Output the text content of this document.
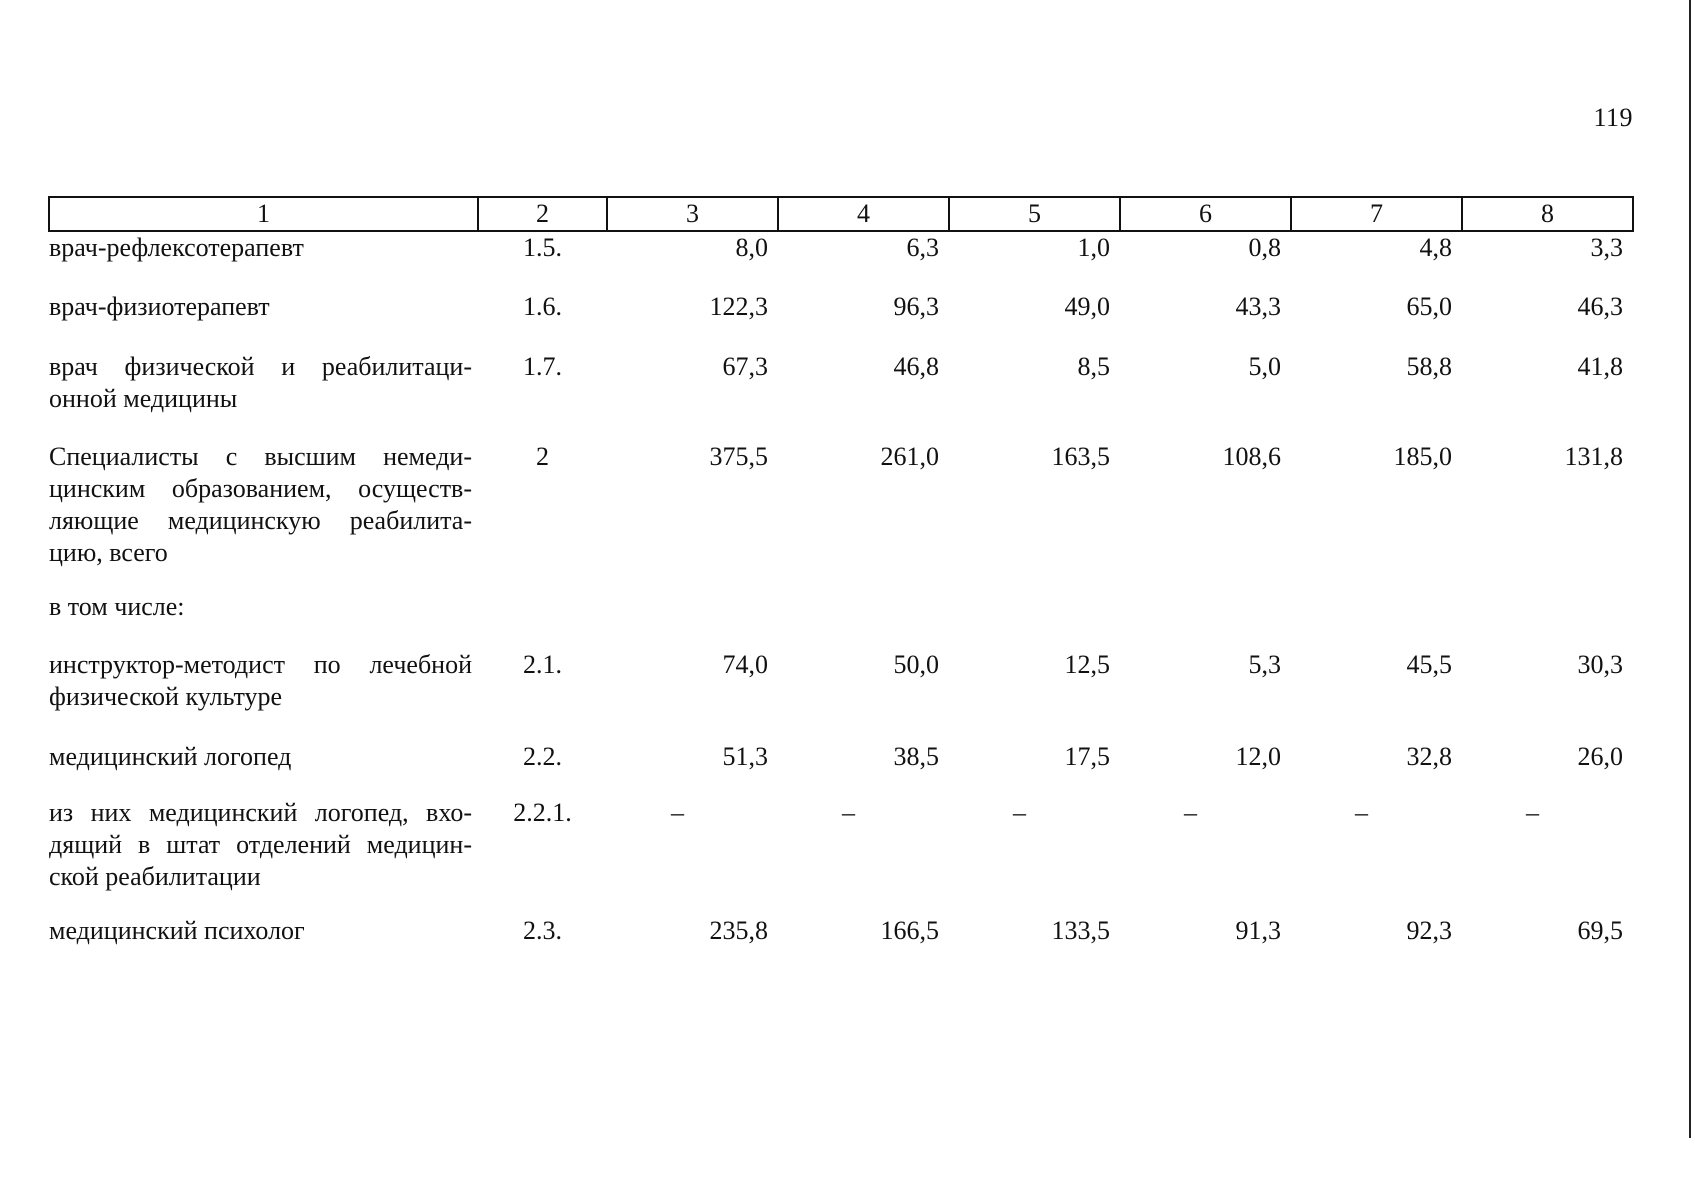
119
1	2	3	4	5	6	7	8
врач-рефлексотерапевт	1.5.	8,0	6,3	1,0	0,8	4,8	3,3
врач-физиотерапевт	1.6.	122,3	96,3	49,0	43,3	65,0	46,3
врач физической и реабилитаци-онной медицины	1.7.	67,3	46,8	8,5	5,0	58,8	41,8
Специалисты с высшим немеди-цинским образованием, осуществ-ляющие медицинскую реабилита-цию, всего	2	375,5	261,0	163,5	108,6	185,0	131,8
в том числе:							
инструктор-методист по лечебной физической культуре	2.1.	74,0	50,0	12,5	5,3	45,5	30,3
медицинский логопед	2.2.	51,3	38,5	17,5	12,0	32,8	26,0
из них медицинский логопед, вхо-дящий в штат отделений медицин-ской реабилитации	2.2.1.	–	–	–	–	–	–
медицинский психолог	2.3.	235,8	166,5	133,5	91,3	92,3	69,5
